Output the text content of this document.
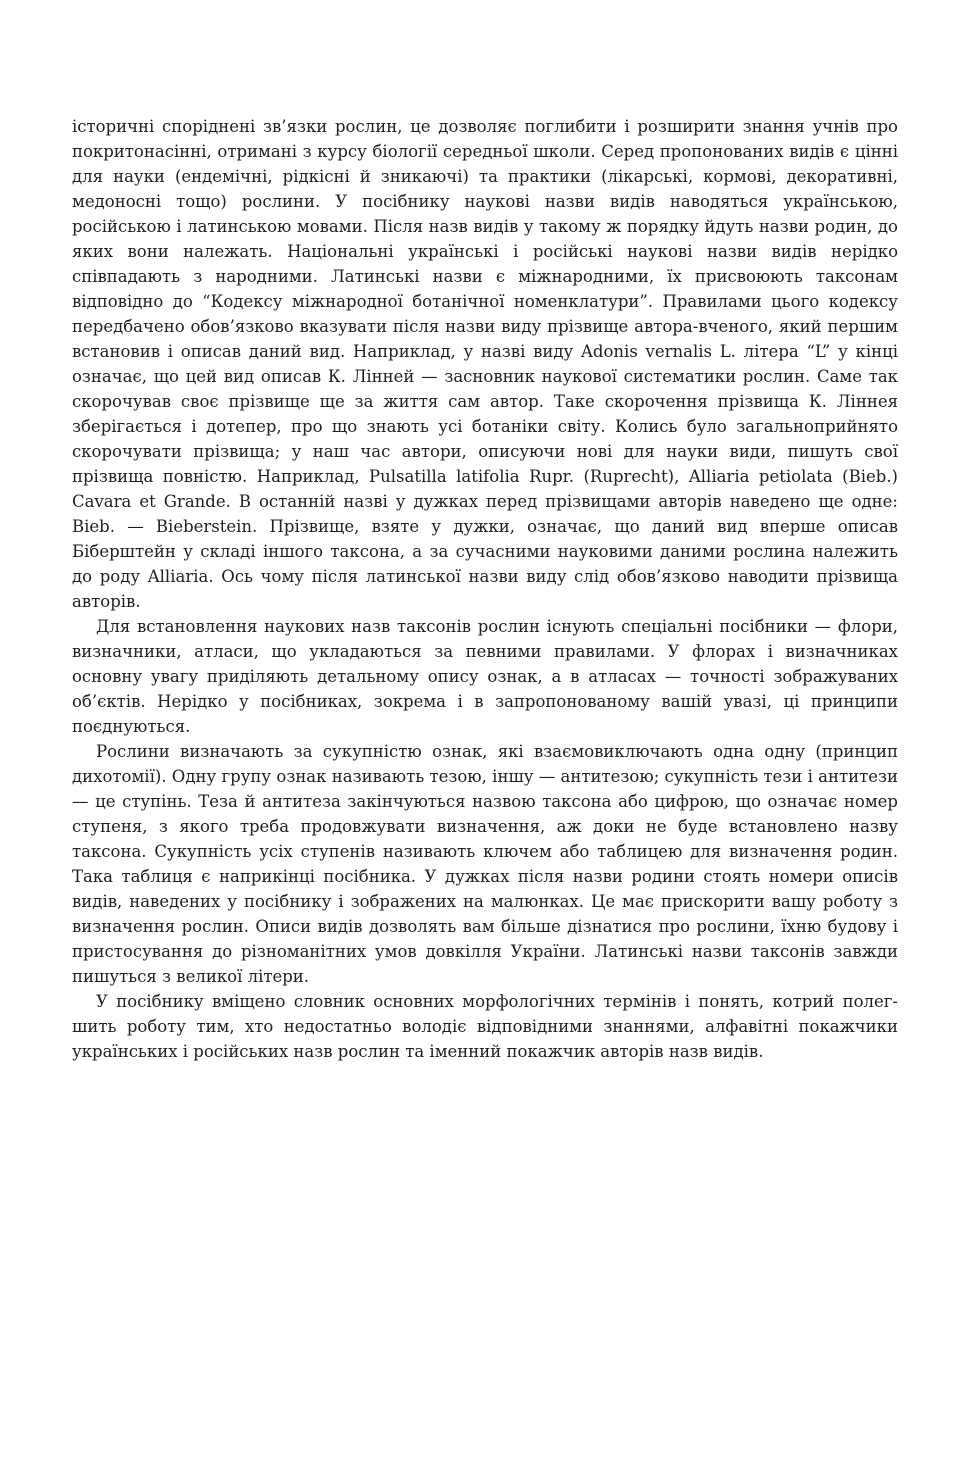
історичні споріднені зв’язки рослин, це дозволяє поглибити і розширити знання учнів про покритонасінні, отримані з курсу біології середньої школи. Серед пропонованих видів є цінні для науки (ендемічні, рідкісні й зникаючі) та практики (лікарські, кормові, декоративні, медоносні тощо) рослини. У посібнику наукові назви видів наводяться українською, російською і латинською мовами. Після назв видів у такому ж порядку йдуть назви родин, до яких вони належать. Національні українські і російські наукові назви видів нерідко співпадають з народними. Латинські назви є міжнародними, їх присвоюють таксонам відповідно до “Кодексу міжнародної ботанічної номенклатури”. Правилами цього кодексу передбачено обов’язково вказувати після назви виду прізвище автора-вченого, який першим встановив і описав даний вид. Наприклад, у назві виду Adonis vernalis L. літера “L” у кінці означає, що цей вид описав К. Лінней — засновник наукової систематики рослин. Саме так скорочував своє прізвище ще за життя сам автор. Таке скорочення прізвища К. Ліннея зберігається і дотепер, про що знають усі ботаніки світу. Колись було загальноприйнято скорочувати прізвища; у наш час автори, описуючи нові для науки види, пишуть свої прізвища повністю. Наприклад, Pulsatilla latifolia Rupr. (Ruprecht), Alliaria petiolata (Bieb.) Cavara et Grande. В останній назві у дужках перед прізвищами авторів наведено ще одне: Bieb. — Bieberstein. Прізвище, взяте у дужки, означає, що даний вид вперше описав Біберштейн у складі іншого таксона, а за сучасними науковими даними рослина належить до роду Alliaria. Ось чому після латинської назви виду слід обов’язково наводити прізвища авторів.

Для встановлення наукових назв таксонів рослин існують спеціальні посібники — флори, визначники, атласи, що укладаються за певними правилами. У флорах і визначниках основну увагу приділяють детальному опису ознак, а в атласах — точності зображуваних об’єктів. Нерідко у посібниках, зокрема і в запропонованому вашій увазі, ці принципи поєднуються.

Рослини визначають за сукупністю ознак, які взаємовиключають одна одну (принцип дихотомії). Одну групу ознак називають тезою, іншу — антитезою; сукупність тези і антитези — це ступінь. Теза й антитеза закінчуються назвою таксона або цифрою, що означає номер ступеня, з якого треба продовжувати визначення, аж доки не буде встановлено назву таксона. Сукупність усіх ступенів називають ключем або таблицею для визначення родин. Така таблиця є наприкінці посібника. У дужках після назви родини стоять номери описів видів, наведених у посібнику і зображених на малюнках. Це має прискорити вашу роботу з визначення рослин. Описи видів дозволять вам більше дізнатися про рослини, їхню будову і пристосування до різноманітних умов довкілля України. Латинські назви таксонів завжди пишуться з великої літери.

У посібнику вміщено словник основних морфологічних термінів і понять, котрий полегшить роботу тим, хто недостатньо володіє відповідними знаннями, алфавітні покажчики українських і російських назв рослин та іменний покажчик авторів назв видів.
